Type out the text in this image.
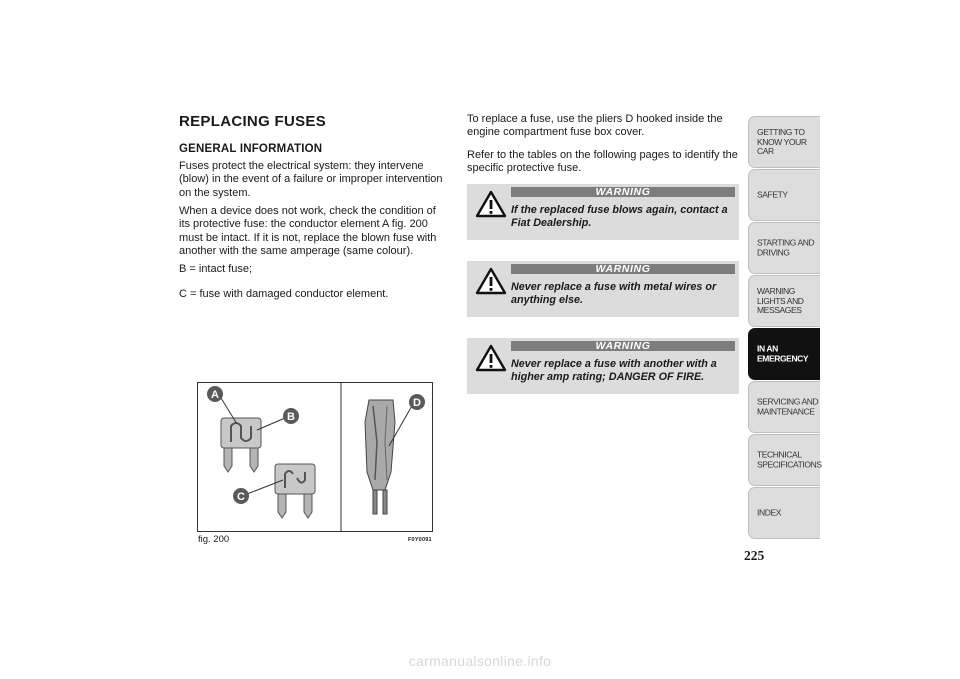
REPLACING FUSES
GENERAL INFORMATION
Fuses protect the electrical system: they intervene (blow) in the event of a failure or improper intervention on the system.
When a device does not work, check the condition of its protective fuse: the conductor element A fig. 200 must be intact. If it is not, replace the blown fuse with another with the same amperage (same colour).
B = intact fuse;
C = fuse with damaged conductor element.
A
B
C
D
fig. 200	F0Y0091
To replace a fuse, use the pliers D hooked inside the engine compartment fuse box cover.
Refer to the tables on the following pages to identify the specific protective fuse.
WARNING
If the replaced fuse blows again, contact a Fiat Dealership.
WARNING
Never replace a fuse with metal wires or anything else.
WARNING
Never replace a fuse with another with a higher amp rating; DANGER OF FIRE.
GETTING TO KNOW YOUR CAR
SAFETY
STARTING AND DRIVING
WARNING LIGHTS AND MESSAGES
IN AN EMERGENCY
SERVICING AND MAINTENANCE
TECHNICAL SPECIFICATIONS
INDEX
225
carmanualsonline.info
